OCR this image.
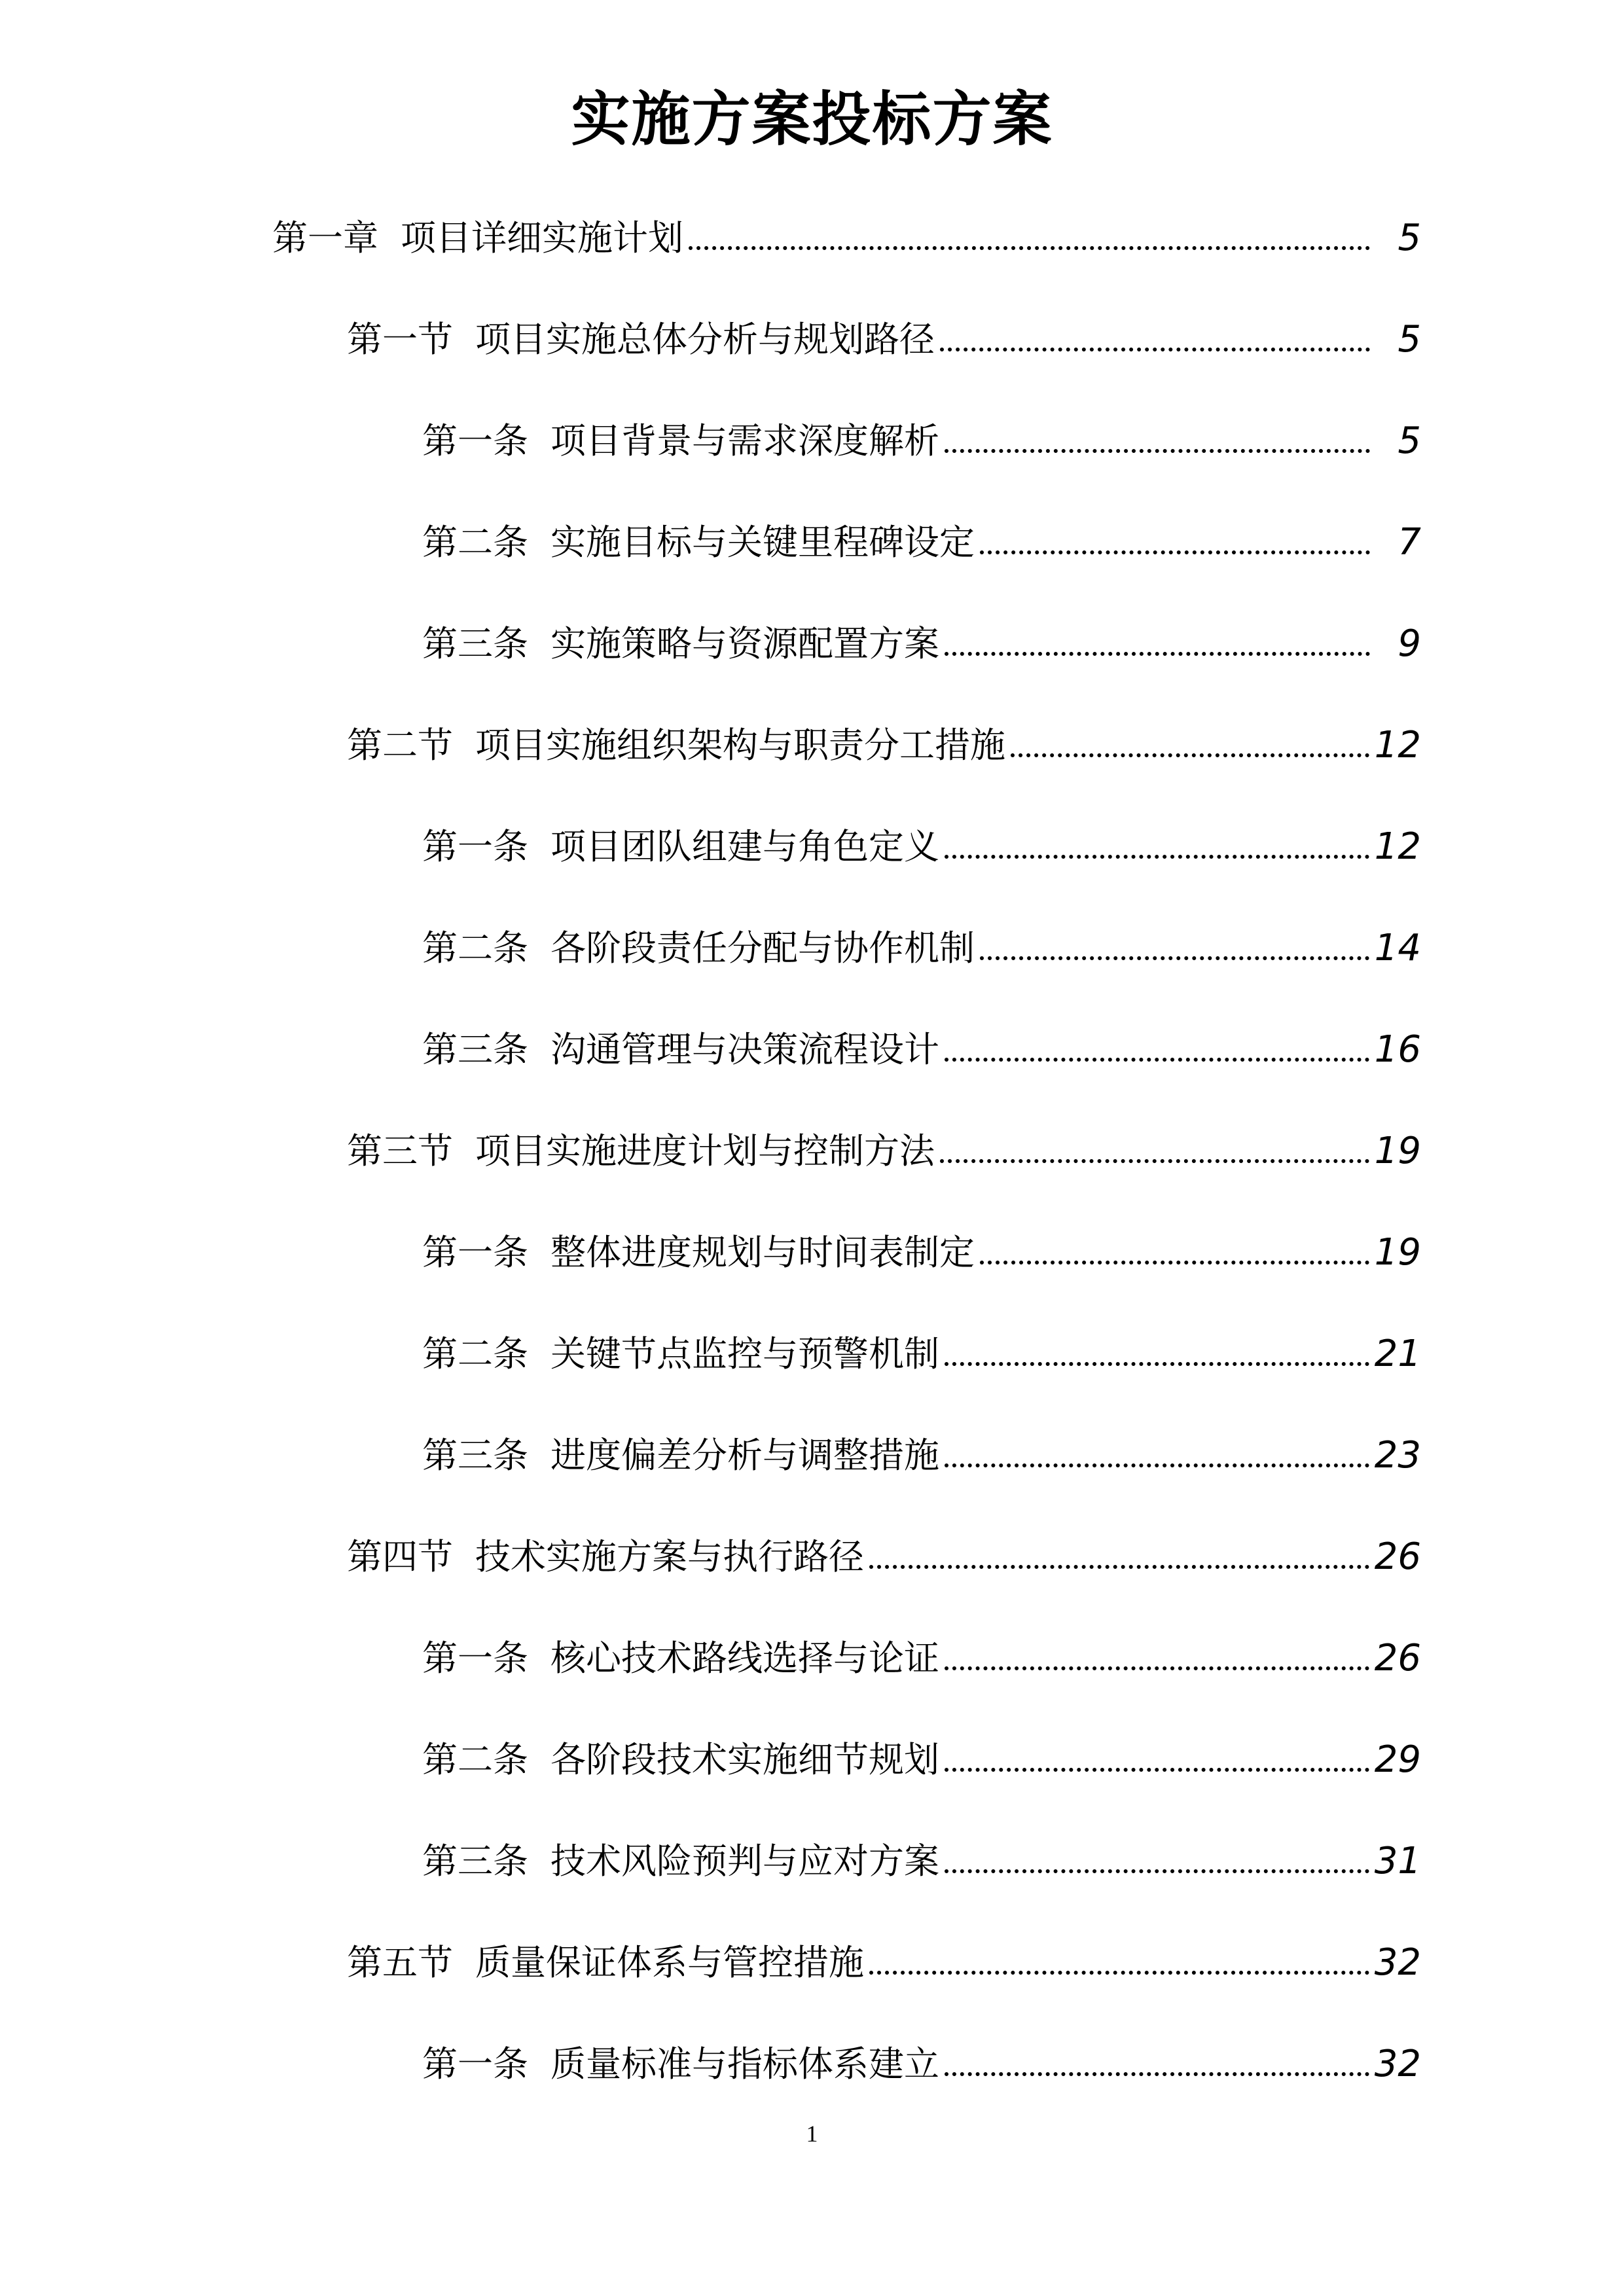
实施方案投标方案
第一章 项目详细实施计划	5
第一节 项目实施总体分析与规划路径	5
第一条 项目背景与需求深度解析	5
第二条 实施目标与关键里程碑设定	7
第三条 实施策略与资源配置方案	9
第二节 项目实施组织架构与职责分工措施	12
第一条 项目团队组建与角色定义	12
第二条 各阶段责任分配与协作机制	14
第三条 沟通管理与决策流程设计	16
第三节 项目实施进度计划与控制方法	19
第一条 整体进度规划与时间表制定	19
第二条 关键节点监控与预警机制	21
第三条 进度偏差分析与调整措施	23
第四节 技术实施方案与执行路径	26
第一条 核心技术路线选择与论证	26
第二条 各阶段技术实施细节规划	29
第三条 技术风险预判与应对方案	31
第五节 质量保证体系与管控措施	32
第一条 质量标准与指标体系建立	32
1
